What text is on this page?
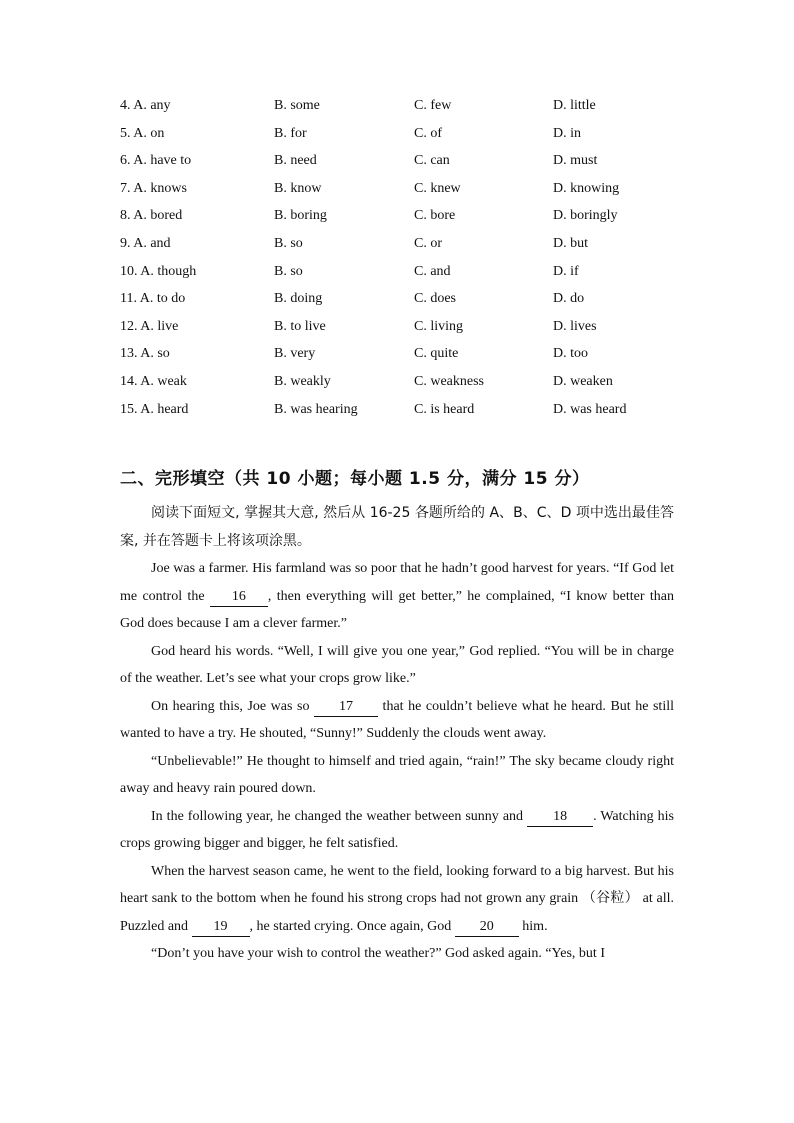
4. A. any	B. some	C. few	D. little
5. A. on	B. for	C. of	D. in
6. A. have to	B. need	C. can	D. must
7. A. knows	B. know	C. knew	D. knowing
8. A. bored	B. boring	C. bore	D. boringly
9. A. and	B. so	C. or	D. but
10. A. though	B. so	C. and	D. if
11. A. to do	B. doing	C. does	D. do
12. A. live	B. to live	C. living	D. lives
13. A. so	B. very	C. quite	D. too
14. A. weak	B. weakly	C. weakness	D. weaken
15. A. heard	B. was hearing	C. is heard	D. was heard
二、完形填空（共 10 小题；每小题 1.5 分，满分 15 分）

阅读下面短文, 掌握其大意, 然后从 16-25 各题所给的 A、B、C、D 项中选出最佳答案, 并在答题卡上将该项涂黑。

Joe was a farmer. His farmland was so poor that he hadn’t good harvest for years. “If God let me control the 16 , then everything will get better,” he complained, “I know better than God does because I am a clever farmer.”

God heard his words. “Well, I will give you one year,” God replied. “You will be in charge of the weather. Let’s see what your crops grow like.”

On hearing this, Joe was so 17 that he couldn’t believe what he heard. But he still wanted to have a try. He shouted, “Sunny!” Suddenly the clouds went away.

“Unbelievable!” He thought to himself and tried again, “rain!” The sky became cloudy right away and heavy rain poured down.

In the following year, he changed the weather between sunny and 18 . Watching his crops growing bigger and bigger, he felt satisfied.

When the harvest season came, he went to the field, looking forward to a big harvest. But his heart sank to the bottom when he found his strong crops had not grown any grain （谷粒） at all. Puzzled and 19 , he started crying. Once again, God 20 him.

“Don’t you have your wish to control the weather?” God asked again. “Yes, but I
